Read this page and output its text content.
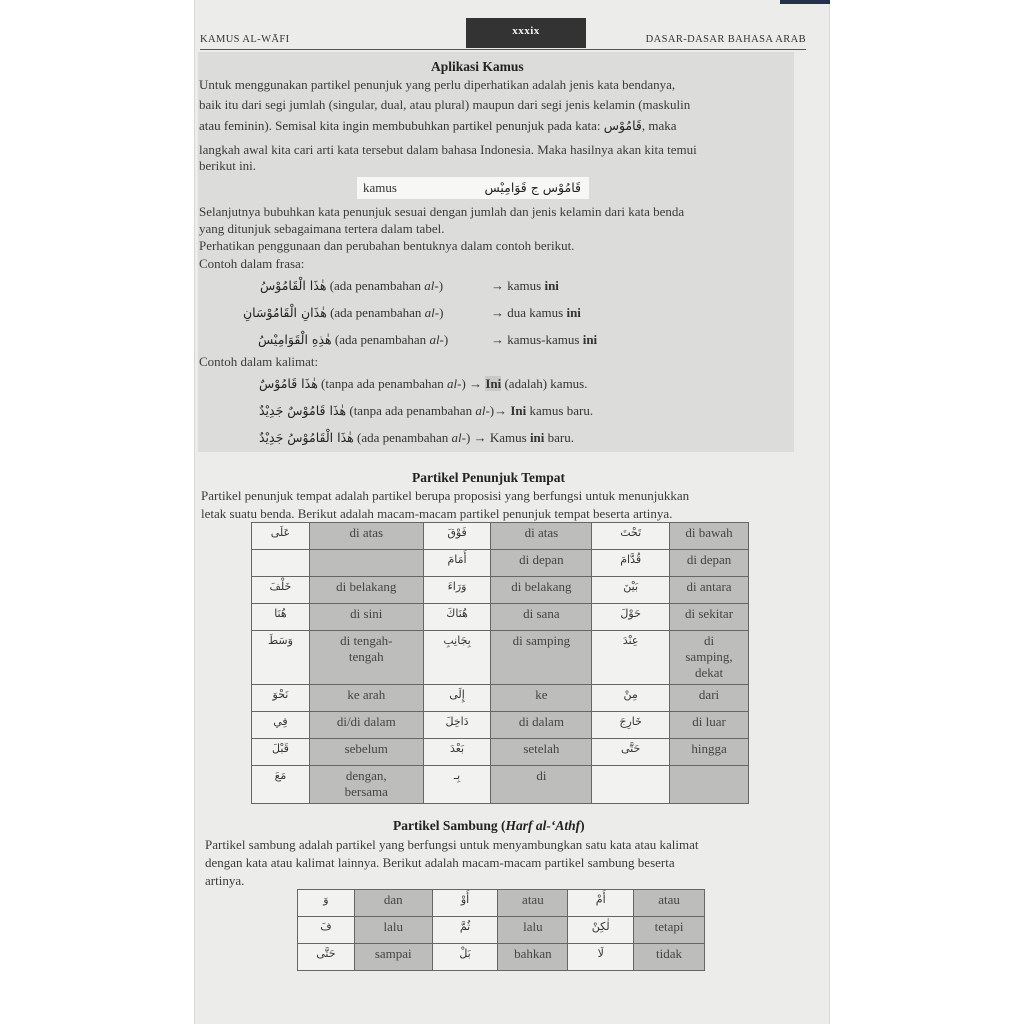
KAMUS AL-WĀFI	DASAR-DASAR BAHASA ARAB
xxxix
Aplikasi Kamus
Untuk menggunakan partikel penunjuk yang perlu diperhatikan adalah jenis kata bendanya,
baik itu dari segi jumlah (singular, dual, atau plural) maupun dari segi jenis kelamin (maskulin
atau feminin). Semisal kita ingin membubuhkan partikel penunjuk pada kata: قَامُوْس, maka
langkah awal kita cari arti kata tersebut dalam bahasa Indonesia. Maka hasilnya akan kita temui
berikut ini.
kamus	قَامُوْس ج قَوَامِيْس
Selanjutnya bubuhkan kata penunjuk sesuai dengan jumlah dan jenis kelamin dari kata benda
yang ditunjuk sebagaimana tertera dalam tabel.
Perhatikan penggunaan dan perubahan bentuknya dalam contoh berikut.
Contoh dalam frasa:
هٰذَا الْقَامُوْسُ (ada penambahan al-)	→ kamus ini
هٰذَانِ الْقَامُوْسَانِ (ada penambahan al-)	→ dua kamus ini
هٰذِهِ الْقَوَامِيْسُ (ada penambahan al-)	→ kamus-kamus ini
Contoh dalam kalimat:
هٰذَا قَامُوْسٌ (tanpa ada penambahan al-) → Ini (adalah) kamus.
هٰذَا قَامُوْسٌ جَدِيْدٌ (tanpa ada penambahan al-)→ Ini kamus baru.
هٰذَا الْقَامُوْسُ جَدِيْدٌ (ada penambahan al-) → Kamus ini baru.
Partikel Penunjuk Tempat
Partikel penunjuk tempat adalah partikel berupa proposisi yang berfungsi untuk menunjukkan
letak suatu benda. Berikut adalah macam-macam partikel penunjuk tempat beserta artinya.
عَلَى	di atas	فَوْقَ	di atas	تَحْتَ	di bawah
		أَمَامَ	di depan	قُدَّامَ	di depan
خَلْفَ	di belakang	وَرَاءَ	di belakang	بَيْنَ	di antara
هُنَا	di sini	هُنَاكَ	di sana	حَوْلَ	di sekitar
وَسَطَ	di tengah-
tengah	بِجَانِبِ	di samping	عِنْدَ	di
samping,
dekat
نَحْوَ	ke arah	إِلَى	ke	مِنْ	dari
فِي	di/di dalam	دَاخِلَ	di dalam	خَارِجَ	di luar
قَبْلَ	sebelum	بَعْدَ	setelah	حَتَّى	hingga
مَعَ	dengan,
bersama	بِـ	di		
Partikel Sambung (Harf al-‘Athf)
Partikel sambung adalah partikel yang berfungsi untuk menyambungkan satu kata atau kalimat
dengan kata atau kalimat lainnya. Berikut adalah macam-macam partikel sambung beserta
artinya.
وَ	dan	أَوْ	atau	أَمْ	atau
فَ	lalu	ثُمَّ	lalu	لٰكِنْ	tetapi
حَتَّى	sampai	بَلْ	bahkan	لَا	tidak
